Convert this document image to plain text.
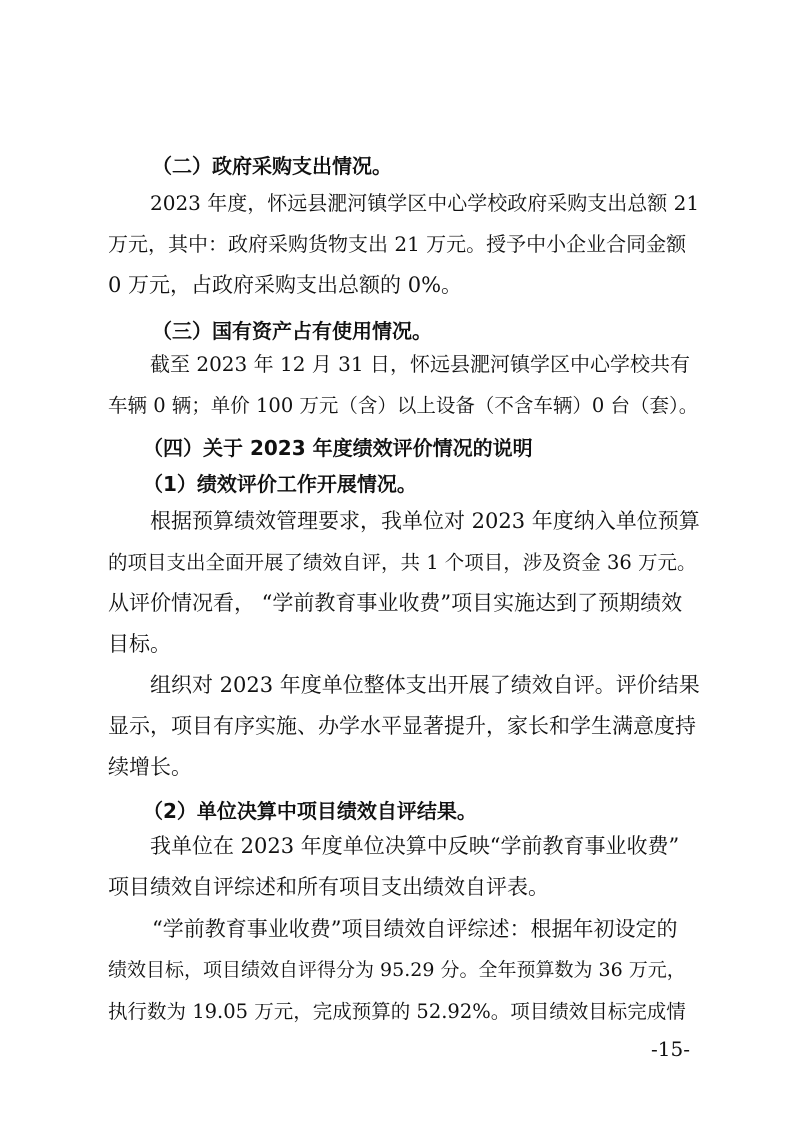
（二）政府采购支出情况。
2023 年度，怀远县淝河镇学区中心学校政府采购支出总额 21
万元，其中：政府采购货物支出 21 万元。授予中小企业合同金额
0 万元，占政府采购支出总额的 0%。
（三）国有资产占有使用情况。
截至 2023 年 12 月 31 日，怀远县淝河镇学区中心学校共有
车辆 0 辆；单价 100 万元（含）以上设备（不含车辆）0 台（套）。
（四）关于 2023 年度绩效评价情况的说明
（1）绩效评价工作开展情况。
根据预算绩效管理要求，我单位对 2023 年度纳入单位预算
的项目支出全面开展了绩效自评，共 1 个项目，涉及资金 36 万元。
从评价情况看， “学前教育事业收费”项目实施达到了预期绩效
目标。
组织对 2023 年度单位整体支出开展了绩效自评。评价结果
显示，项目有序实施、办学水平显著提升，家长和学生满意度持
续增长。
（2）单位决算中项目绩效自评结果。
我单位在 2023 年度单位决算中反映“学前教育事业收费”
项目绩效自评综述和所有项目支出绩效自评表。
“学前教育事业收费”项目绩效自评综述：根据年初设定的
绩效目标，项目绩效自评得分为 95.29 分。全年预算数为 36 万元，
执行数为 19.05 万元，完成预算的 52.92%。项目绩效目标完成情
-15-
